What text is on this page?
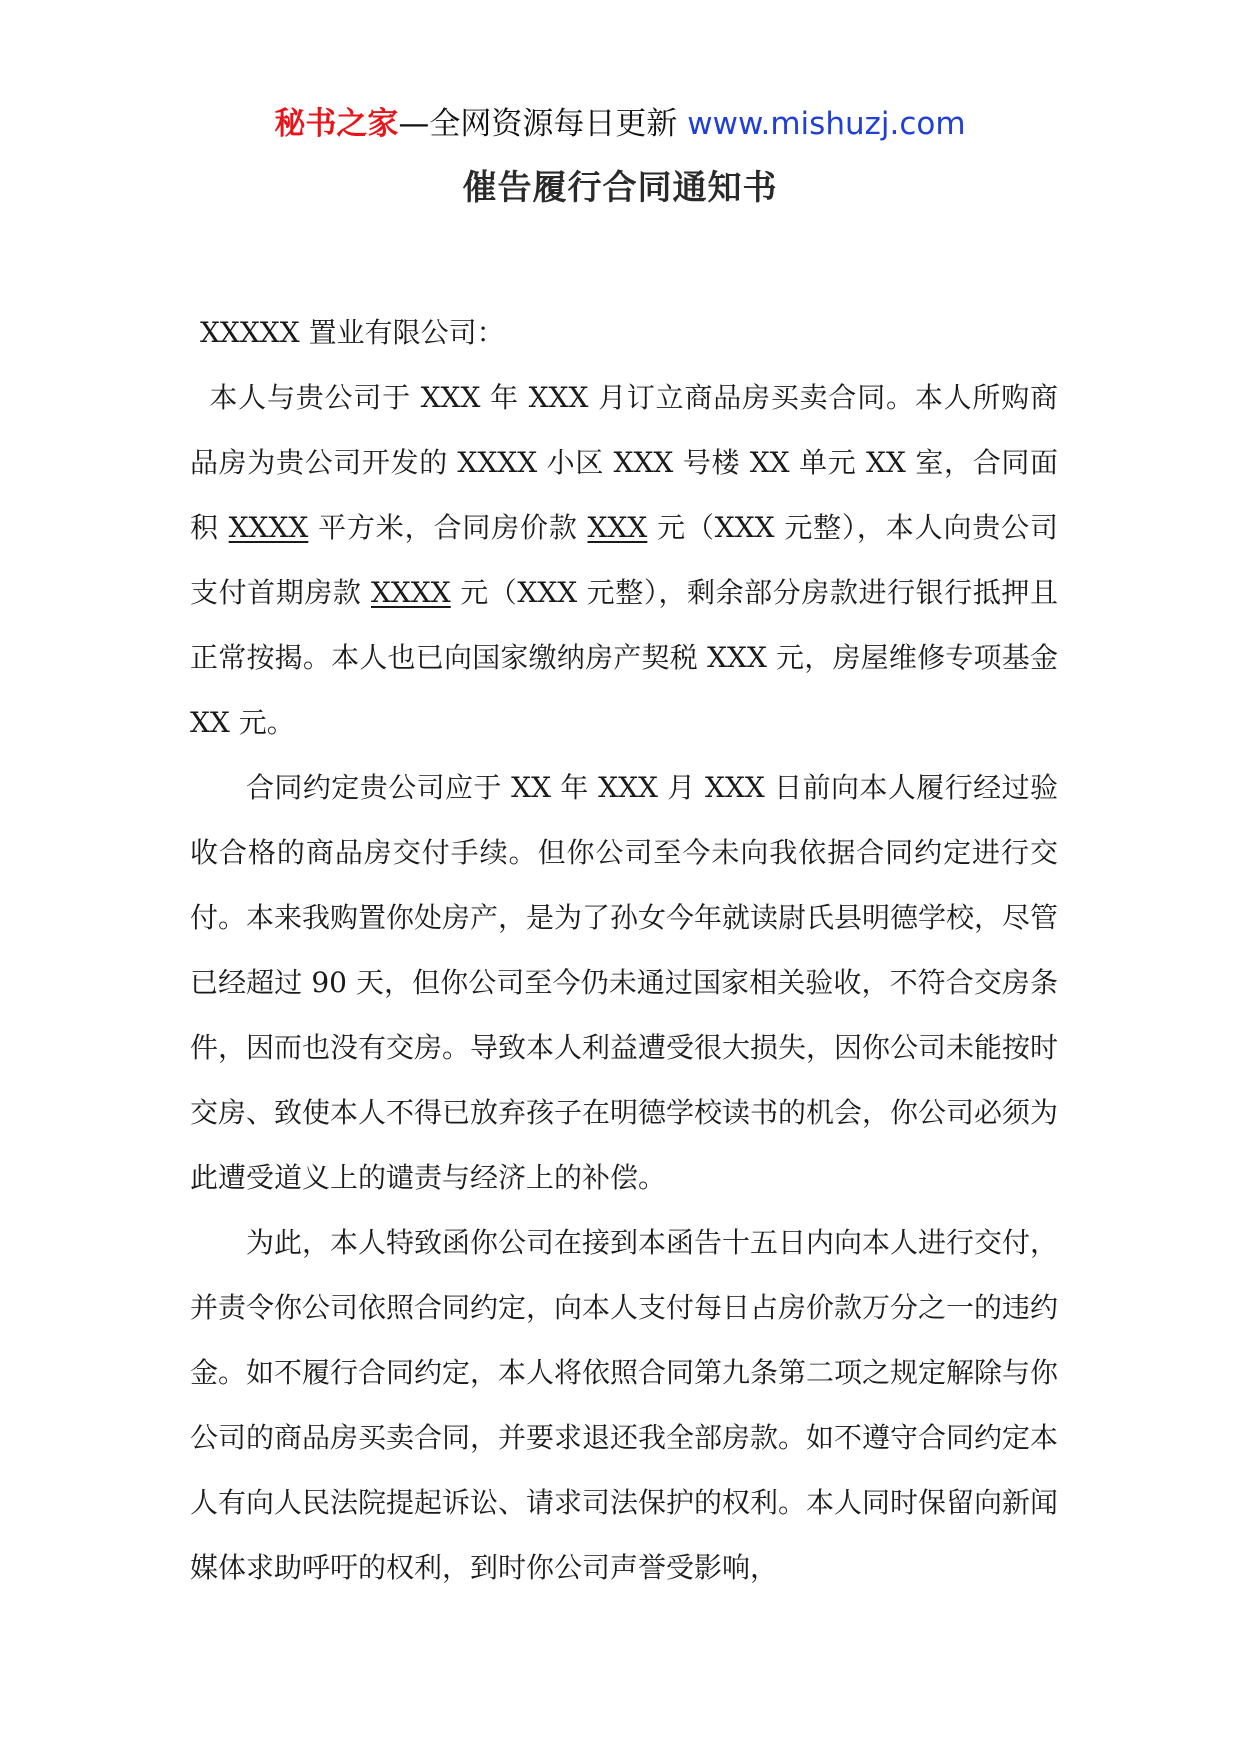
秘书之家—全网资源每日更新 www.mishuzj.com
催告履行合同通知书

XXXXX 置业有限公司：

本人与贵公司于 XXX 年 XXX 月订立商品房买卖合同。本人所购商品房为贵公司开发的 XXXX 小区 XXX 号楼 XX 单元 XX 室，合同面积 XXXX 平方米，合同房价款 XXX 元（XXX 元整），本人向贵公司支付首期房款 XXXX 元（XXX 元整），剩余部分房款进行银行抵押且正常按揭。本人也已向国家缴纳房产契税 XXX 元，房屋维修专项基金 XX 元。

合同约定贵公司应于 XX 年 XXX 月 XXX 日前向本人履行经过验收合格的商品房交付手续。但你公司至今未向我依据合同约定进行交付。本来我购置你处房产，是为了孙女今年就读尉氏县明德学校，尽管已经超过 90 天，但你公司至今仍未通过国家相关验收，不符合交房条件，因而也没有交房。导致本人利益遭受很大损失，因你公司未能按时交房、致使本人不得已放弃孩子在明德学校读书的机会，你公司必须为此遭受道义上的谴责与经济上的补偿。

为此，本人特致函你公司在接到本函告十五日内向本人进行交付，并责令你公司依照合同约定，向本人支付每日占房价款万分之一的违约金。如不履行合同约定，本人将依照合同第九条第二项之规定解除与你公司的商品房买卖合同，并要求退还我全部房款。如不遵守合同约定本人有向人民法院提起诉讼、请求司法保护的权利。本人同时保留向新闻媒体求助呼吁的权利，到时你公司声誉受影响，
